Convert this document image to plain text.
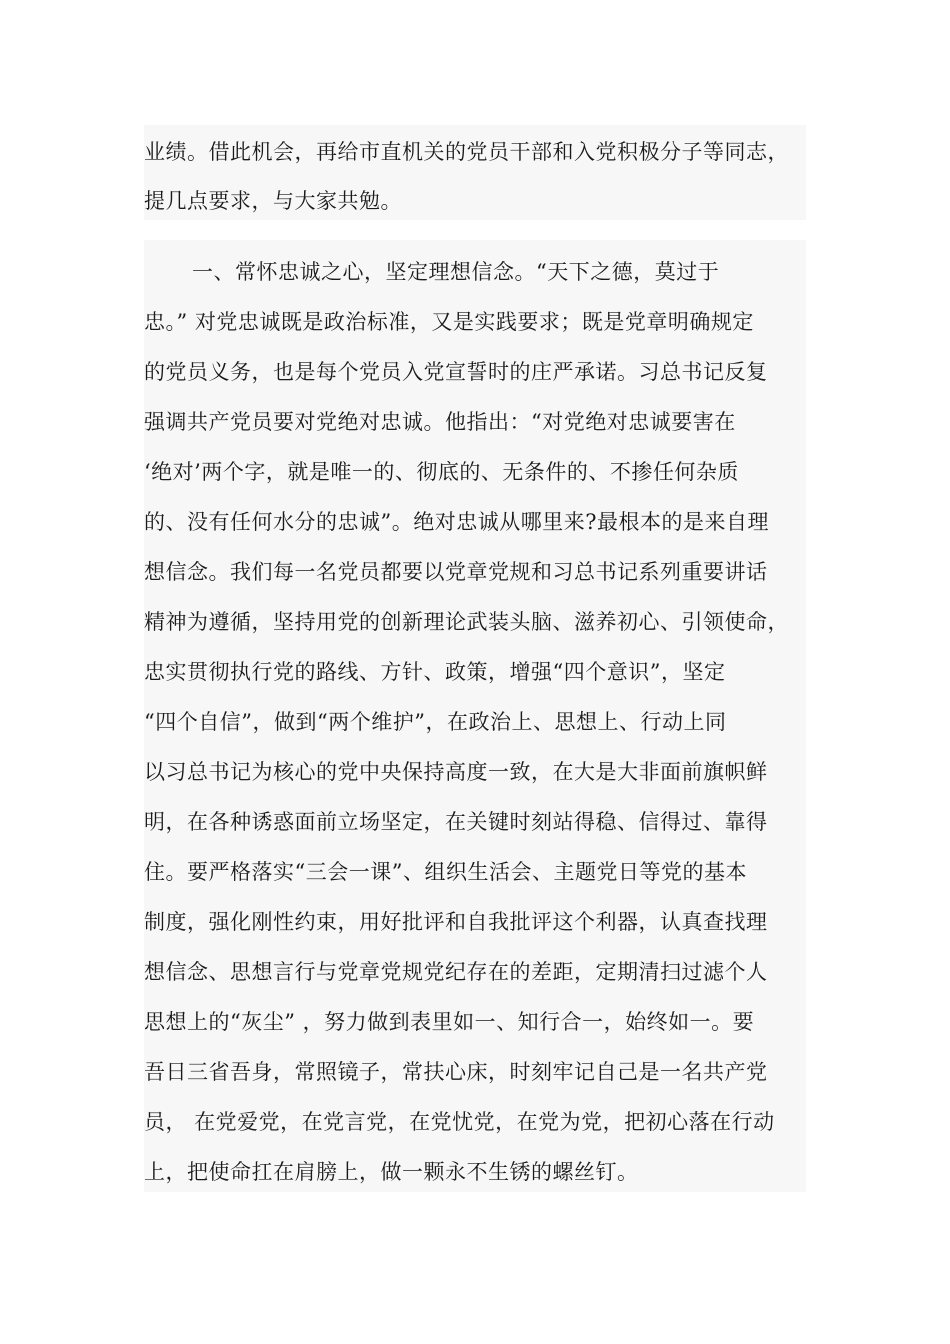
业绩。借此机会，再给市直机关的党员干部和入党积极分子等同志，
提几点要求，与大家共勉。
一、常怀忠诚之心，坚定理想信念。“天下之德，莫过于
忠。” 对党忠诚既是政治标准，又是实践要求；既是党章明确规定
的党员义务，也是每个党员入党宣誓时的庄严承诺。习总书记反复
强调共产党员要对党绝对忠诚。他指出：“对党绝对忠诚要害在
‘绝对’两个字，就是唯一的、彻底的、无条件的、不掺任何杂质
的、没有任何水分的忠诚”。绝对忠诚从哪里来?最根本的是来自理
想信念。我们每一名党员都要以党章党规和习总书记系列重要讲话
精神为遵循，坚持用党的创新理论武装头脑、滋养初心、引领使命，
忠实贯彻执行党的路线、方针、政策，增强“四个意识”，坚定
“四个自信”，做到“两个维护”，在政治上、思想上、行动上同
以习总书记为核心的党中央保持高度一致，在大是大非面前旗帜鲜
明，在各种诱惑面前立场坚定，在关键时刻站得稳、信得过、靠得
住。要严格落实“三会一课”、组织生活会、主题党日等党的基本
制度，强化刚性约束，用好批评和自我批评这个利器，认真查找理
想信念、思想言行与党章党规党纪存在的差距，定期清扫过滤个人
思想上的“灰尘” ，努力做到表里如一、知行合一，始终如一。要
吾日三省吾身，常照镜子，常扶心床，时刻牢记自己是一名共产党
员， 在党爱党，在党言党，在党忧党，在党为党，把初心落在行动
上，把使命扛在肩膀上，做一颗永不生锈的螺丝钉。
